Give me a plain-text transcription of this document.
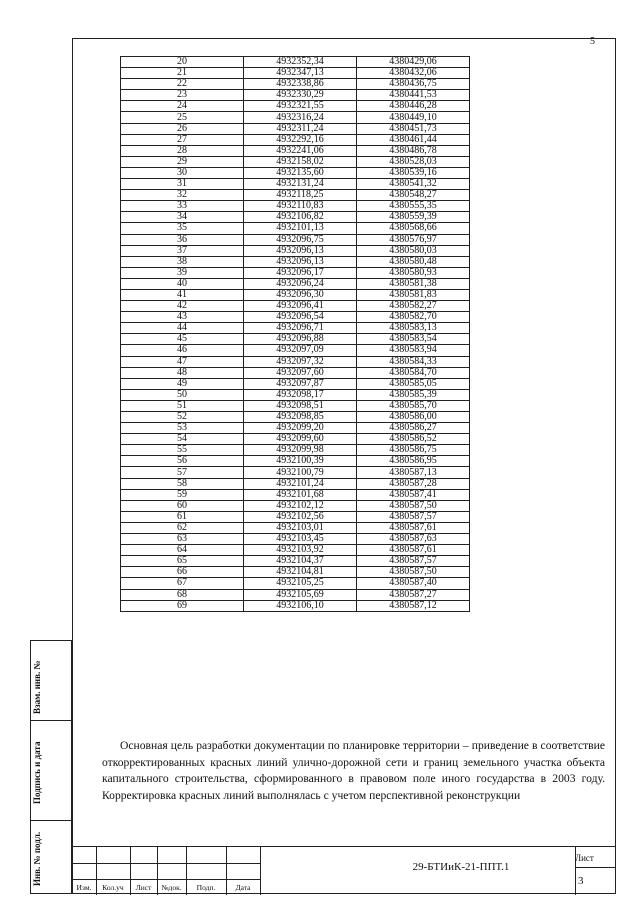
5
20	4932352,34	4380429,06
21	4932347,13	4380432,06
22	4932338,86	4380436,75
23	4932330,29	4380441,53
24	4932321,55	4380446,28
25	4932316,24	4380449,10
26	4932311,24	4380451,73
27	4932292,16	4380461,44
28	4932241,06	4380486,78
29	4932158,02	4380528,03
30	4932135,60	4380539,16
31	4932131,24	4380541,32
32	4932118,25	4380548,27
33	4932110,83	4380555,35
34	4932106,82	4380559,39
35	4932101,13	4380568,66
36	4932096,75	4380576,97
37	4932096,13	4380580,03
38	4932096,13	4380580,48
39	4932096,17	4380580,93
40	4932096,24	4380581,38
41	4932096,30	4380581,83
42	4932096,41	4380582,27
43	4932096,54	4380582,70
44	4932096,71	4380583,13
45	4932096,88	4380583,54
46	4932097,09	4380583,94
47	4932097,32	4380584,33
48	4932097,60	4380584,70
49	4932097,87	4380585,05
50	4932098,17	4380585,39
51	4932098,51	4380585,70
52	4932098,85	4380586,00
53	4932099,20	4380586,27
54	4932099,60	4380586,52
55	4932099,98	4380586,75
56	4932100,39	4380586,95
57	4932100,79	4380587,13
58	4932101,24	4380587,28
59	4932101,68	4380587,41
60	4932102,12	4380587,50
61	4932102,56	4380587,57
62	4932103,01	4380587,61
63	4932103,45	4380587,63
64	4932103,92	4380587,61
65	4932104,37	4380587,57
66	4932104,81	4380587,50
67	4932105,25	4380587,40
68	4932105,69	4380587,27
69	4932106,10	4380587,12

Основная цель разработки документации по планировке территории – приведение в соответствие откорректированных красных линий улично-дорожной сети и границ земельного участка объекта капитального строительства, сформированного в правовом поле иного государства в 2003 году. Корректировка красных линий выполнялась с учетом перспективной реконструкции

Взам. инв. №
Подпись и дата
Инв. № подл.
Изм.	Кол.уч	Лист	№док.	Подп.	Дата
29-БТИиК-21-ППТ.1
Лист
3
